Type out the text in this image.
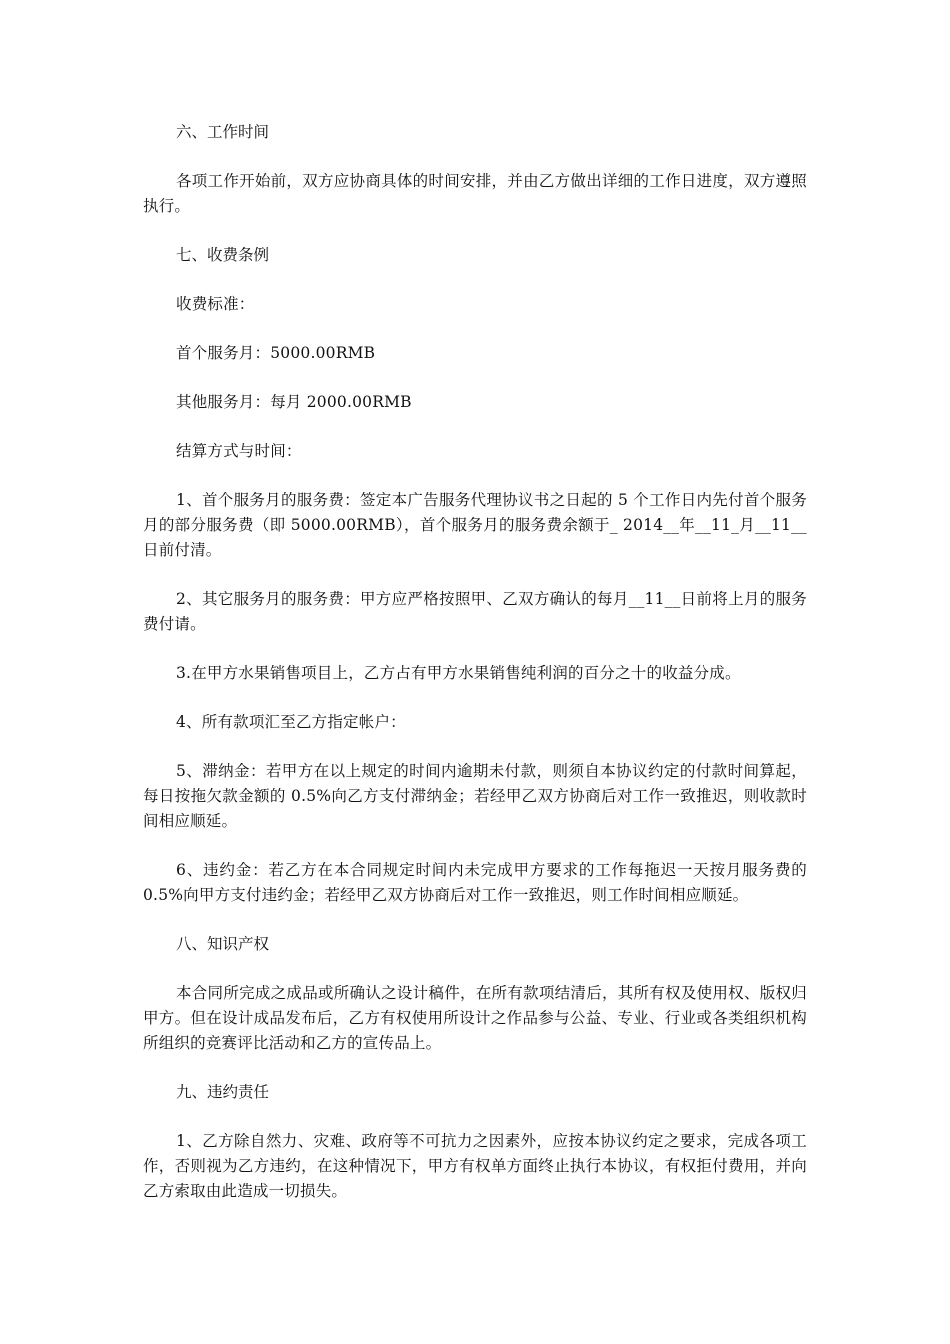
六、工作时间

各项工作开始前，双方应协商具体的时间安排，并由乙方做出详细的工作日进度，双方遵照执行。

七、收费条例

收费标准：

首个服务月：5000.00RMB

其他服务月：每月 2000.00RMB

结算方式与时间：

1、首个服务月的服务费：签定本广告服务代理协议书之日起的 5 个工作日内先付首个服务月的部分服务费（即 5000.00RMB），首个服务月的服务费余额于_ 2014__年__11_月__11__日前付清。

2、其它服务月的服务费：甲方应严格按照甲、乙双方确认的每月__11__日前将上月的服务费付请。

3.在甲方水果销售项目上，乙方占有甲方水果销售纯利润的百分之十的收益分成。

4、所有款项汇至乙方指定帐户：

5、滞纳金：若甲方在以上规定的时间内逾期未付款，则须自本协议约定的付款时间算起，每日按拖欠款金额的 0.5%向乙方支付滞纳金；若经甲乙双方协商后对工作一致推迟，则收款时间相应顺延。

6、违约金：若乙方在本合同规定时间内未完成甲方要求的工作每拖迟一天按月服务费的 0.5%向甲方支付违约金；若经甲乙双方协商后对工作一致推迟，则工作时间相应顺延。

八、知识产权

本合同所完成之成品或所确认之设计稿件，在所有款项结清后，其所有权及使用权、版权归甲方。但在设计成品发布后，乙方有权使用所设计之作品参与公益、专业、行业或各类组织机构所组织的竞赛评比活动和乙方的宣传品上。

九、违约责任

1、乙方除自然力、灾难、政府等不可抗力之因素外，应按本协议约定之要求，完成各项工作，否则视为乙方违约，在这种情况下，甲方有权单方面终止执行本协议，有权拒付费用，并向乙方索取由此造成一切损失。
